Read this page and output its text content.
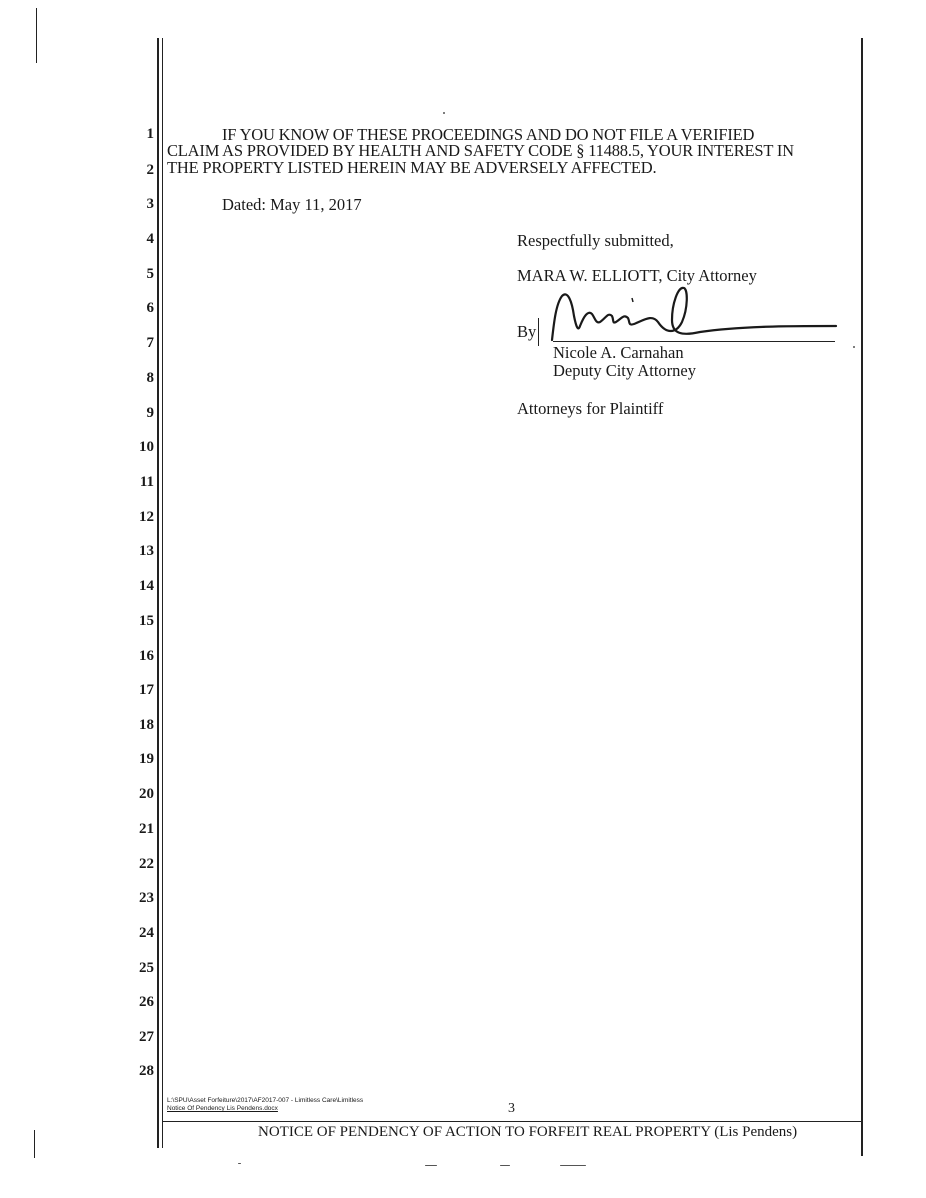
1
2
3
4
5
6
7
8
9
10
11
12
13
14
15
16
17
18
19
20
21
22
23
24
25
26
27
28
IF YOU KNOW OF THESE PROCEEDINGS AND DO NOT FILE A VERIFIED
CLAIM AS PROVIDED BY HEALTH AND SAFETY CODE § 11488.5, YOUR INTEREST IN
THE PROPERTY LISTED HEREIN MAY BE ADVERSELY AFFECTED.
Dated: May 11, 2017
Respectfully submitted,
MARA W. ELLIOTT, City Attorney
By
Nicole A. Carnahan
Deputy City Attorney
Attorneys for Plaintiff
L:\SPU\Asset Forfeiture\2017\AF2017-007 - Limitless Care\Limitless
Notice Of Pendency Lis Pendens.docx	3
NOTICE OF PENDENCY OF ACTION TO FORFEIT REAL PROPERTY (Lis Pendens)
